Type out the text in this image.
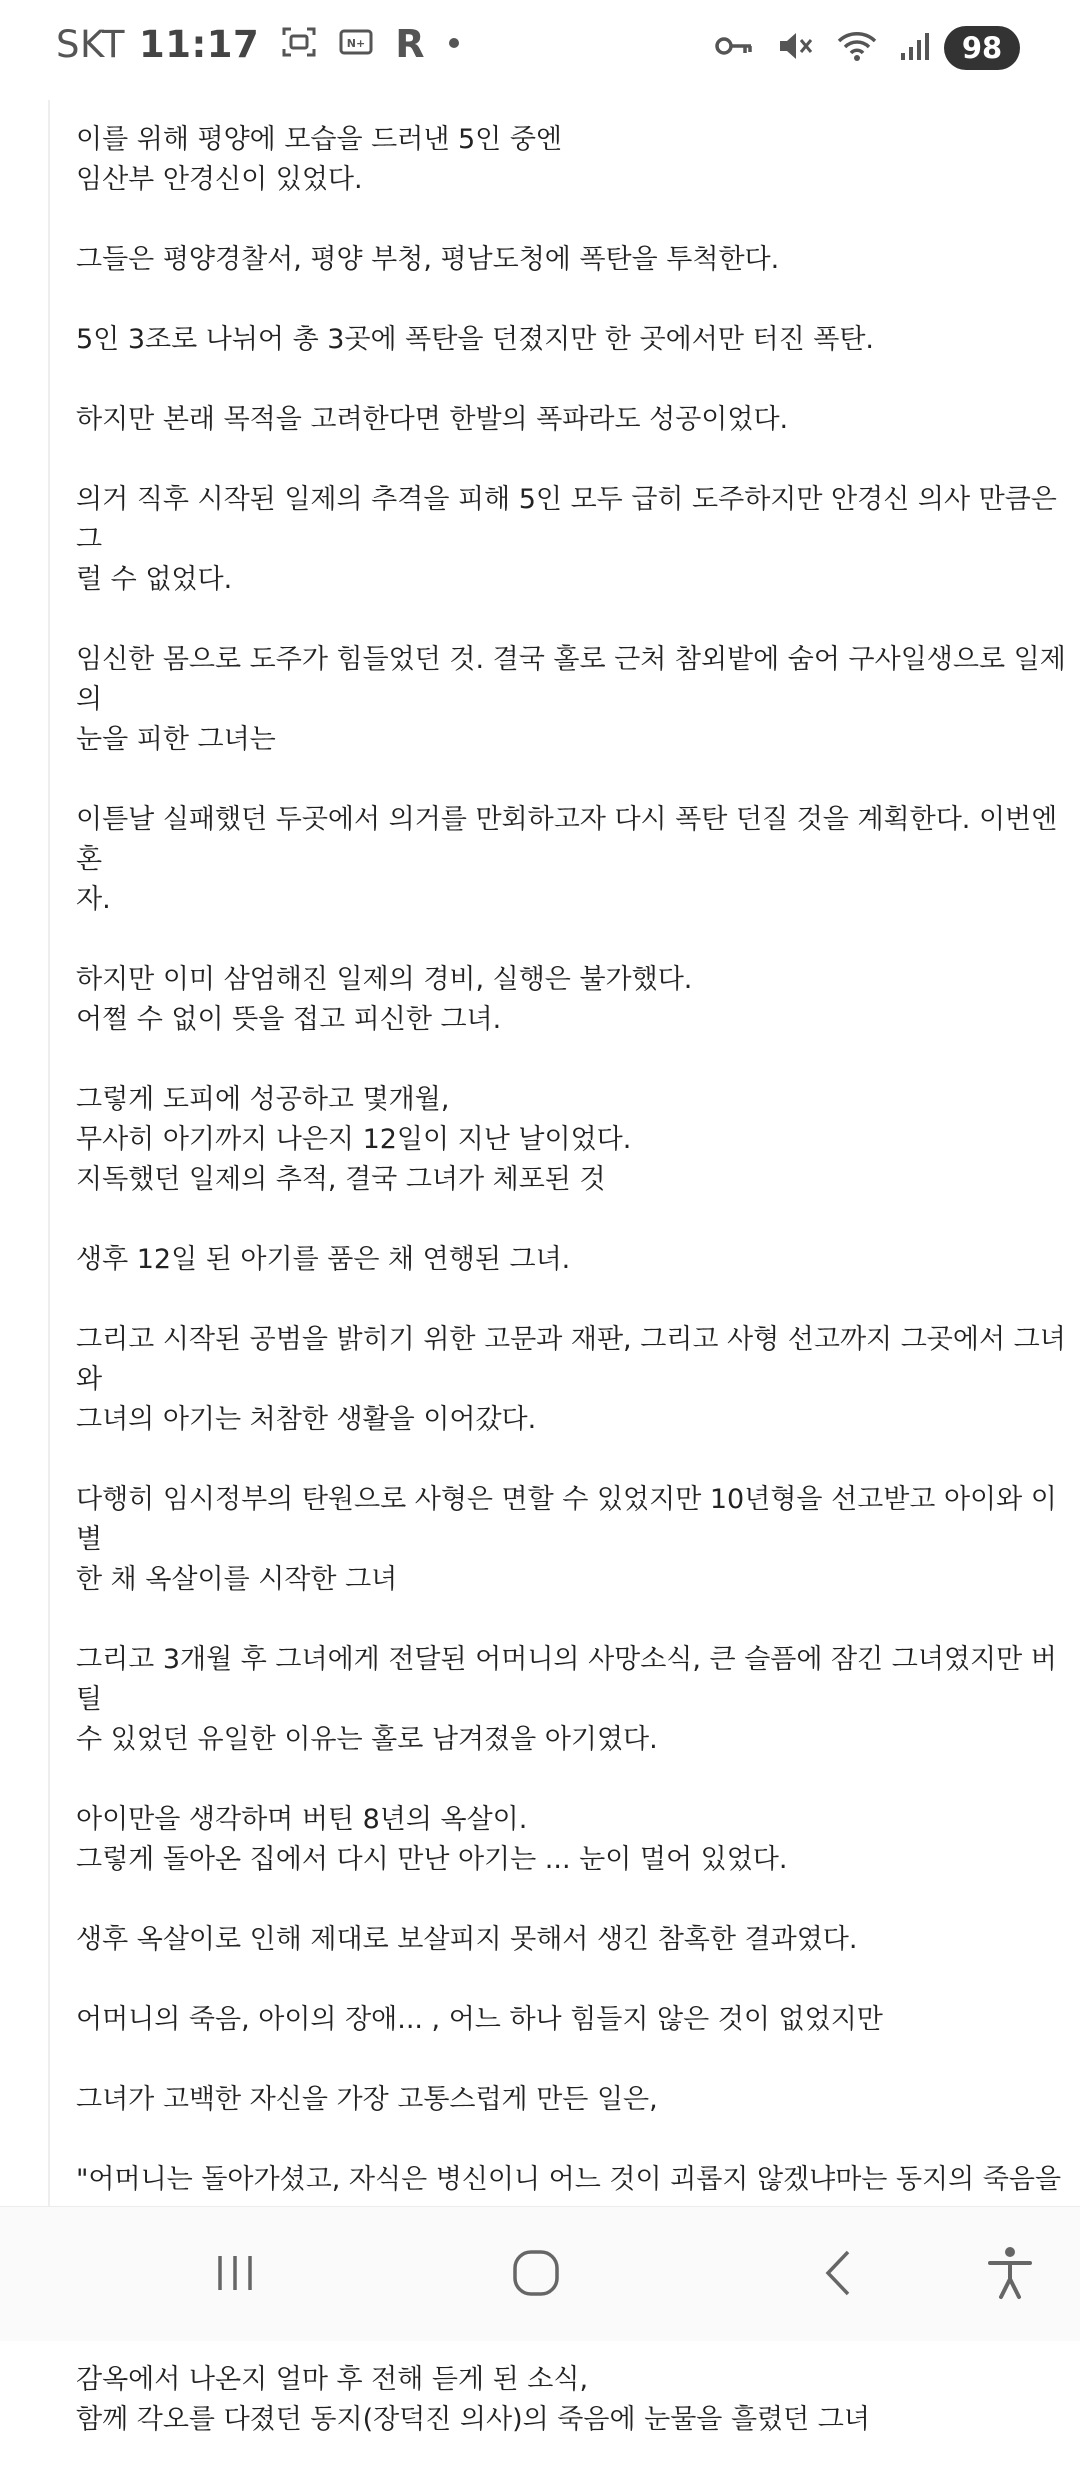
SKT 11:17	N+ R	98

이를 위해 평양에 모습을 드러낸 5인 중엔
임산부 안경신이 있었다.

그들은 평양경찰서, 평양 부청, 평남도청에 폭탄을 투척한다.

5인 3조로 나뉘어 총 3곳에 폭탄을 던졌지만 한 곳에서만 터진 폭탄.

하지만 본래 목적을 고려한다면 한발의 폭파라도 성공이었다.

의거 직후 시작된 일제의 추격을 피해 5인 모두 급히 도주하지만 안경신 의사 만큼은 그
럴 수 없었다.

임신한 몸으로 도주가 힘들었던 것. 결국 홀로 근처 참외밭에 숨어 구사일생으로 일제의
눈을 피한 그녀는

이튿날 실패했던 두곳에서 의거를 만회하고자 다시 폭탄 던질 것을 계획한다. 이번엔 혼
자.

하지만 이미 삼엄해진 일제의 경비, 실행은 불가했다.
어쩔 수 없이 뜻을 접고 피신한 그녀.

그렇게 도피에 성공하고 몇개월,
무사히 아기까지 나은지 12일이 지난 날이었다.
지독했던 일제의 추적, 결국 그녀가 체포된 것

생후 12일 된 아기를 품은 채 연행된 그녀.

그리고 시작된 공범을 밝히기 위한 고문과 재판, 그리고 사형 선고까지 그곳에서 그녀와
그녀의 아기는 처참한 생활을 이어갔다.

다행히 임시정부의 탄원으로 사형은 면할 수 있었지만 10년형을 선고받고 아이와 이별
한 채 옥살이를 시작한 그녀

그리고 3개월 후 그녀에게 전달된 어머니의 사망소식, 큰 슬픔에 잠긴 그녀였지만 버틸
수 있었던 유일한 이유는 홀로 남겨졌을 아기였다.

아이만을 생각하며 버틴 8년의 옥살이.
그렇게 돌아온 집에서 다시 만난 아기는 ... 눈이 멀어 있었다.

생후 옥살이로 인해 제대로 보살피지 못해서 생긴 참혹한 결과였다.

어머니의 죽음, 아이의 장애... , 어느 하나 힘들지 않은 것이 없었지만

그녀가 고백한 자신을 가장 고통스럽게 만든 일은,

"어머니는 돌아가셨고, 자식은 병신이니 어느 것이 괴롭지 않겠냐마는 동지의 죽음을

감옥에서 나온지 얼마 후 전해 듣게 된 소식,
함께 각오를 다졌던 동지(장덕진 의사)의 죽음에 눈물을 흘렸던 그녀
